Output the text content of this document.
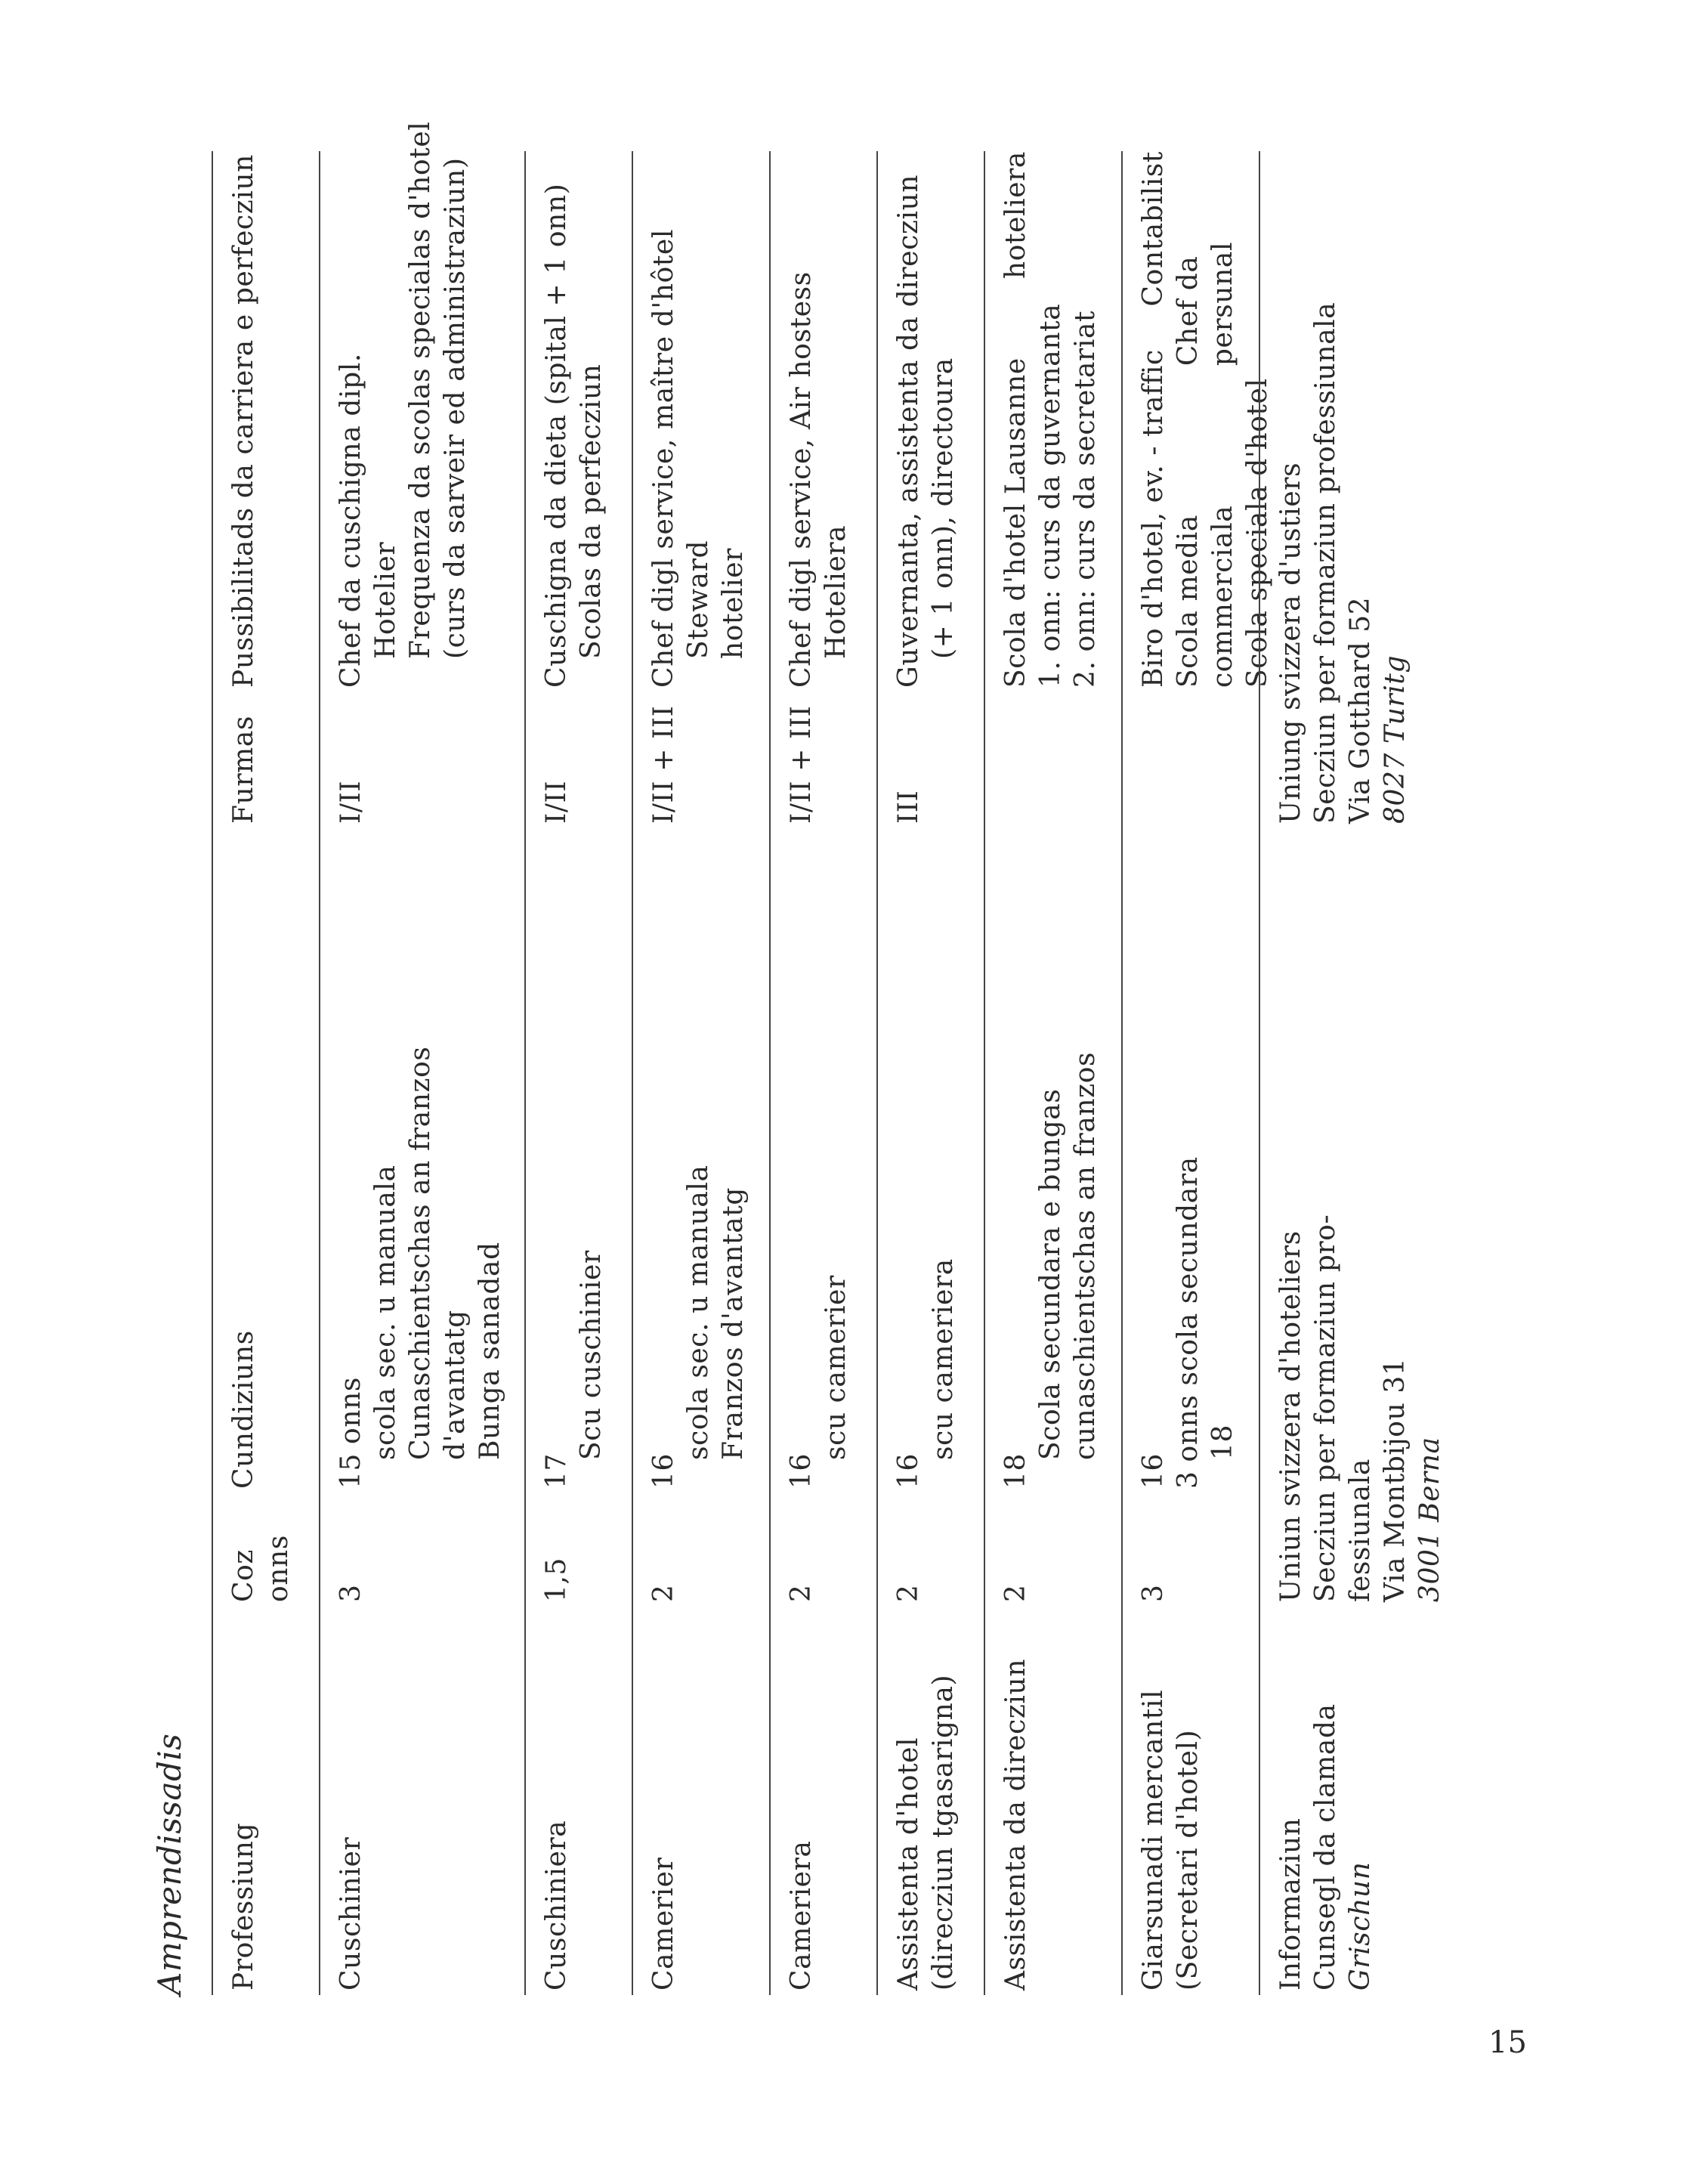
Amprendissadis	Professiung
Coz onns
Cundiziuns
Furmas
Pussibilitads da carriera e perfecziun
Cuschinier
3
15 onns scola sec. u manuala Cunaschientschas an franzos d'avantatg Bunga sanadad
I/II
Chef da cuschigna dipl. Hotelier Frequenza da scolas specialas d'hotel (curs da sarveir ed administraziun)
Cuschiniera
1,5
17
Scu cuschinier
I/II
Cuschigna da dieta (spital + 1 onn) Scolas da perfecziun
Camerier
2
16
scola sec. u manuala Franzos d'avantatg
I/II + III
Chef digl service, maître d'hôtel Steward hotelier
Cameriera
2
16
scu camerier
I/II + III
Chef digl service, Air hostess Hoteliera
Assistenta d'hotel (direcziun tgasarigna)
2
16
scu cameriera
III
Guvernanta, assistenta da direcziun (+ 1 onn), directoura
Assistenta da direcziun
2
18
Scola secundara e bungas cunaschientschas an franzos
Scola d'hotel Lausanne
hoteliera
1. onn: curs da guvernanta 2. onn: curs da secretariat
Giarsunadi mercantil (Secretari d'hotel)
3
16 3 onns scola secundara 18
Biro d'hotel, ev. - traffic
Contabilist
Scola media commerciala
Chef da persunal
Scola speciala d'hotel
Informaziun Cunsegl da clamada Grischun
Uniun svizzera d'hoteliers Secziun per formaziun pro- fessiunala Via Montbijou 31 3001 Berna
Uniung svizzera d'ustiers Secziun per formaziun professiunala Via Gotthard 52 8027 Turitg
15
